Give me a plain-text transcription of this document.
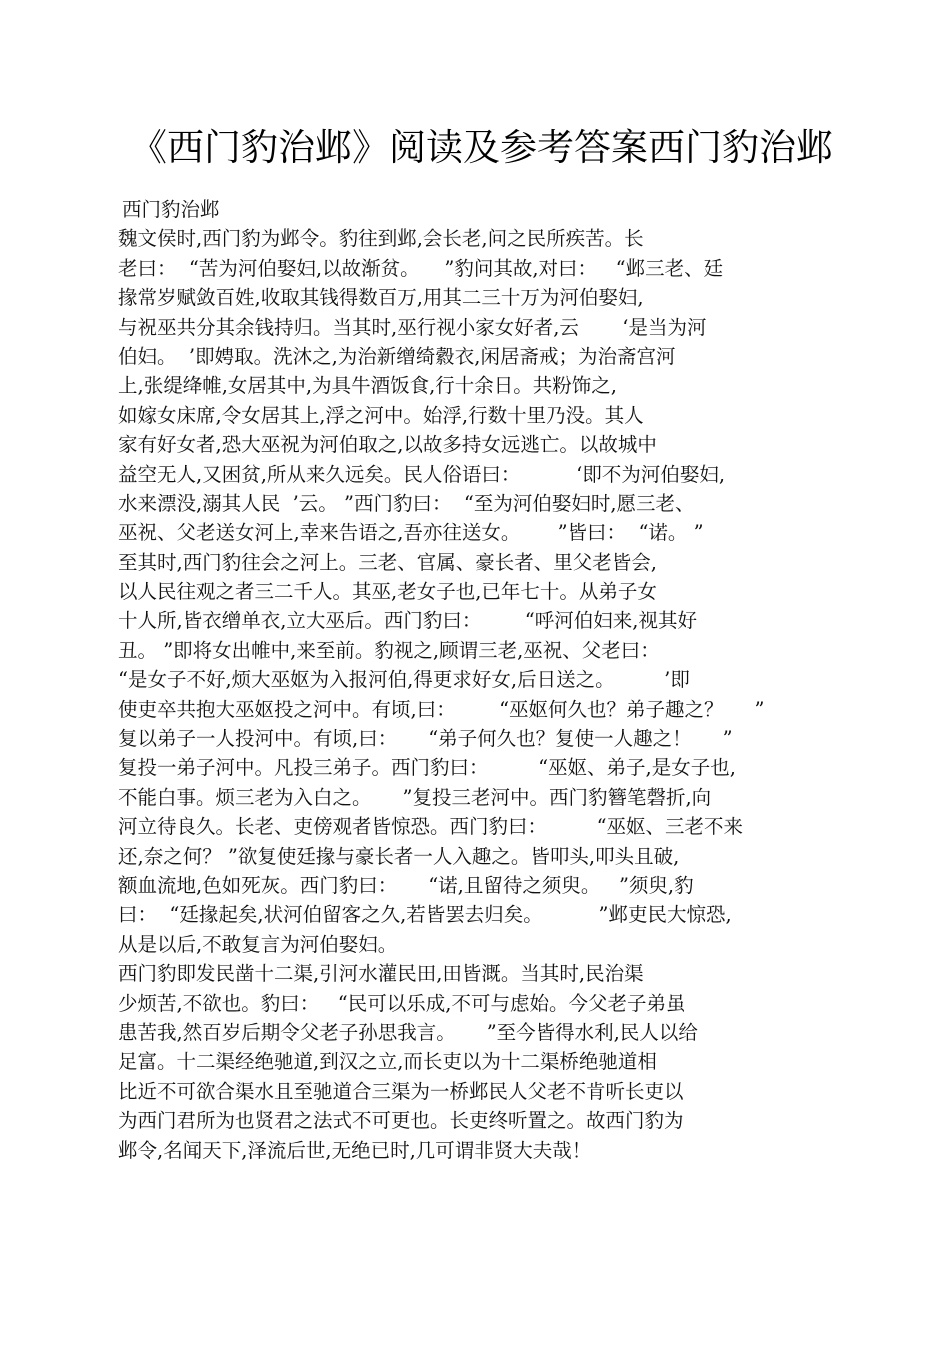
《西门豹治邺》阅读及参考答案西门豹治邺
西门豹治邺
魏文侯时,西门豹为邺令。豹往到邺,会长老,问之民所疾苦。长
老曰：  “苦为河伯娶妇,以故渐贫。    ”豹问其故,对曰：   “邺三老、廷
掾常岁赋敛百姓,收取其钱得数百万,用其二三十万为河伯娶妇,
与祝巫共分其余钱持归。当其时,巫行视小家女好者,云       ‘是当为河
伯妇。  ’即娉取。洗沐之,为治新缯绮縠衣,闲居斋戒；为治斋宫河
上,张缇绛帷,女居其中,为具牛酒饭食,行十余日。共粉饰之,
如嫁女床席,令女居其上,浮之河中。始浮,行数十里乃没。其人
家有好女者,恐大巫祝为河伯取之,以故多持女远逃亡。以故城中
益空无人,又困贫,所从来久远矣。民人俗语曰：         ‘即不为河伯娶妇,
水来漂没,溺其人民  ’云。 ”西门豹曰：  “至为河伯娶妇时,愿三老、
巫祝、父老送女河上,幸来告语之,吾亦往送女。      ”皆曰：  “诺。 ”
至其时,西门豹往会之河上。三老、官属、豪长者、里父老皆会,
以人民往观之者三二千人。其巫,老女子也,已年七十。从弟子女
十人所,皆衣缯单衣,立大巫后。西门豹曰：       “呼河伯妇来,视其好
丑。 ”即将女出帷中,来至前。豹视之,顾谓三老,巫祝、父老曰：
“是女子不好,烦大巫妪为入报河伯,得更求好女,后日送之。        ’即
使吏卒共抱大巫妪投之河中。有顷,曰：       “巫妪何久也？弟子趣之？     ”
复以弟子一人投河中。有顷,曰：     “弟子何久也？复使一人趣之！     ”
复投一弟子河中。凡投三弟子。西门豹曰：        “巫妪、弟子,是女子也,
不能白事。烦三老为入白之。     ”复投三老河中。西门豹簪笔磬折,向
河立待良久。长老、吏傍观者皆惊恐。西门豹曰：        “巫妪、三老不来
还,奈之何？ ”欲复使廷掾与豪长者一人入趣之。皆叩头,叩头且破,
额血流地,色如死灰。西门豹曰：     “诺,且留待之须臾。   ”须臾,豹
曰：  “廷掾起矣,状河伯留客之久,若皆罢去归矣。         ”邺吏民大惊恐,
从是以后,不敢复言为河伯娶妇。
西门豹即发民凿十二渠,引河水灌民田,田皆溉。当其时,民治渠
少烦苦,不欲也。豹曰：   “民可以乐成,不可与虑始。今父老子弟虽
患苦我,然百岁后期令父老子孙思我言。     ”至今皆得水利,民人以给
足富。十二渠经绝驰道,到汉之立,而长吏以为十二渠桥绝驰道相
比近不可欲合渠水且至驰道合三渠为一桥邺民人父老不肯听长吏以
为西门君所为也贤君之法式不可更也。长吏终听置之。故西门豹为
邺令,名闻天下,泽流后世,无绝已时,几可谓非贤大夫哉！
